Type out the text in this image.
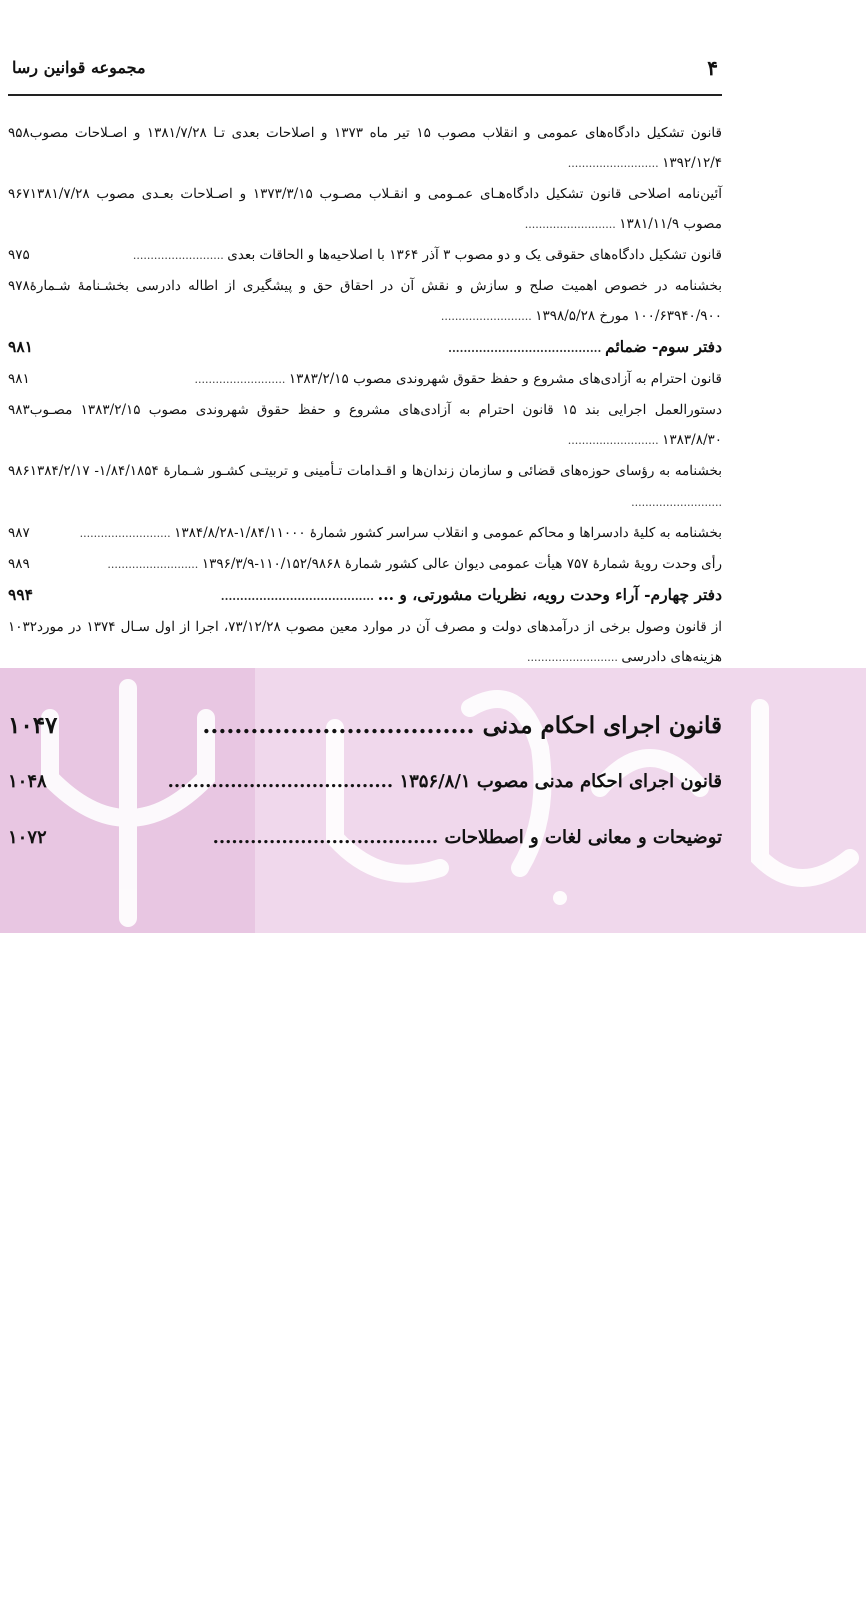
۴
مجموعه قوانین رسا
۹۵۸ قانون تشکیل دادگاه‌های عمومی و انقلاب مصوب ۱۵ تیر ماه ۱۳۷۳ و اصلاحات بعدی تـا ۱۳۸۱/۷/۲۸ و اصـلاحات مصوب ۱۳۹۲/۱۲/۴ ..........................
۹۶۷ آئین‌نامه اصلاحی قانون تشکیل دادگاه‌هـای عمـومی و انقـلاب مصـوب ۱۳۷۳/۳/۱۵ و اصـلاحات بعـدی مصوب ۱۳۸۱/۷/۲۸ مصوب ۱۳۸۱/۱۱/۹ ..........................
۹۷۵	قانون تشکیل دادگاه‌های حقوقی یک و دو مصوب ۳ آذر ۱۳۶۴ با اصلاحیه‌ها و الحاقات بعدی ..........................
۹۷۸ بخشنامه در خصوص اهمیت صلح و سازش و نقش آن در احقاق حق و پیشگیری از اطاله دادرسی بخشـنامهٔ شـمارهٔ ۱۰۰/۶۳۹۴۰/۹۰۰ مورخ ۱۳۹۸/۵/۲۸ ..........................
۹۸۱	دفتر سوم- ضمائم ........................................
۹۸۱	قانون احترام به آزادی‌های مشروع و حفظ حقوق شهروندی مصوب ۱۳۸۳/۲/۱۵ ..........................
۹۸۳ دستورالعمل اجرایی بند ۱۵ قانون احترام به آزادی‌های مشروع و حفظ حقوق شهروندی مصوب ۱۳۸۳/۲/۱۵ مصـوب ۱۳۸۳/۸/۳۰ ..........................
۹۸۶ بخشنامه به رؤسای حوزه‌های قضائی و سازمان زندان‌ها و اقـدامات تـأمینی و تربیتـی کشـور شـمارهٔ ۱/۸۴/۱۸۵۴- ۱۳۸۴/۲/۱۷ ..........................
۹۸۷	بخشنامه به کلیهٔ دادسراها و محاکم عمومی و انقلاب سراسر کشور شمارهٔ ۱/۸۴/۱۱۰۰۰-۱۳۸۴/۸/۲۸ ..........................
۹۸۹	رأی وحدت رویهٔ شمارهٔ ۷۵۷ هیأت عمومی دیوان عالی کشور شمارهٔ ۱۱۰/۱۵۲/۹۸۶۸-۱۳۹۶/۳/۹ ..........................
۹۹۴	دفتر چهارم- آراء وحدت رویه، نظریات مشورتی، و ... ........................................
۱۰۳۲ از قانون وصول برخی از درآمدهای دولت و مصرف آن در موارد معین مصوب ۷۳/۱۲/۲۸، اجرا از اول سـال ۱۳۷۴ در مورد هزینه‌های دادرسی ..........................
۱۰۴۷	قانون اجرای احکام مدنی ..................................
۱۰۴۸	قانون اجرای احکام مدنی مصوب ۱۳۵۶/۸/۱ ....................................
۱۰۷۲	توضیحات و معانی لغات و اصطلاحات ....................................
